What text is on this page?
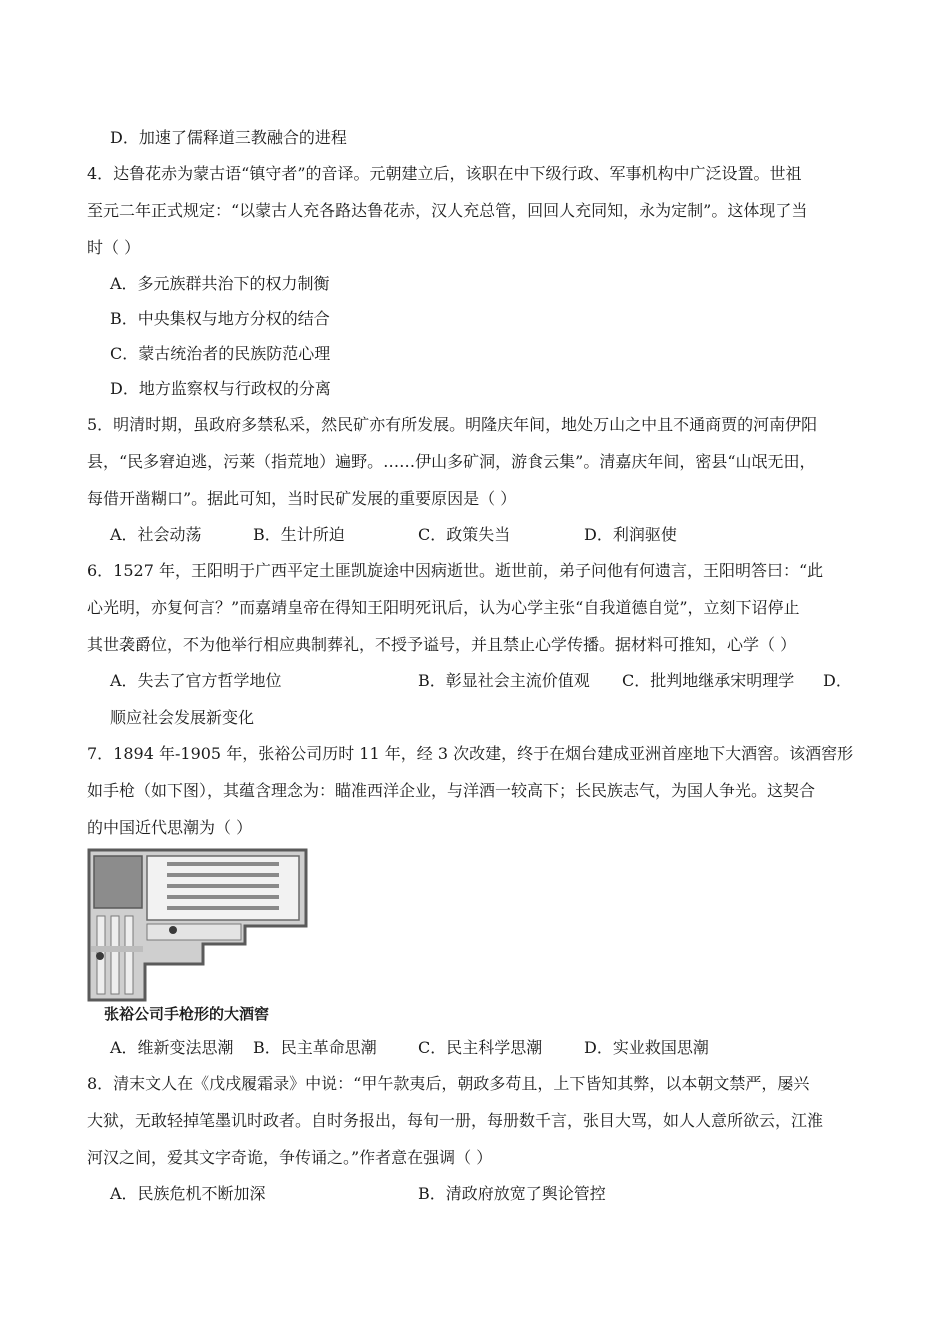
D．加速了儒释道三教融合的进程
4．达鲁花赤为蒙古语“镇守者”的音译。元朝建立后，该职在中下级行政、军事机构中广泛设置。世祖
至元二年正式规定：“以蒙古人充各路达鲁花赤，汉人充总管，回回人充同知，永为定制”。这体现了当
时（ ）
A．多元族群共治下的权力制衡
B．中央集权与地方分权的结合
C．蒙古统治者的民族防范心理
D．地方监察权与行政权的分离
5．明清时期，虽政府多禁私采，然民矿亦有所发展。明隆庆年间，地处万山之中且不通商贾的河南伊阳
县，“民多窘迫逃，污莱（指荒地）遍野。……伊山多矿洞，游食云集”。清嘉庆年间，密县“山氓无田，
每借开凿糊口”。据此可知，当时民矿发展的重要原因是（ ）
A．社会动荡	B．生计所迫	C．政策失当	D．利润驱使
6．1527 年，王阳明于广西平定土匪凯旋途中因病逝世。逝世前，弟子问他有何遗言，王阳明答曰：“此
心光明，亦复何言？”而嘉靖皇帝在得知王阳明死讯后，认为心学主张“自我道德自觉”，立刻下诏停止
其世袭爵位，不为他举行相应典制葬礼，不授予谥号，并且禁止心学传播。据材料可推知，心学（ ）
A．失去了官方哲学地位	B．彰显社会主流价值观 C．批判地继承宋明理学 D．
顺应社会发展新变化
7．1894 年-1905 年，张裕公司历时 11 年，经 3 次改建，终于在烟台建成亚洲首座地下大酒窖。该酒窖形
如手枪（如下图），其蕴含理念为：瞄准西洋企业，与洋酒一较高下；长民族志气，为国人争光。这契合
的中国近代思潮为（ ）
张裕公司手枪形的大酒窖
A．维新变法思潮 B．民主革命思潮	C．民主科学思潮	D．实业救国思潮
8．清末文人在《戊戌履霜录》中说：“甲午款夷后，朝政多苟且，上下皆知其弊，以本朝文禁严，屡兴
大狱，无敢轻掉笔墨讥时政者。自时务报出，每旬一册，每册数千言，张目大骂，如人人意所欲云，江淮
河汉之间，爱其文字奇诡，争传诵之。”作者意在强调（ ）
A．民族危机不断加深	B．清政府放宽了舆论管控
